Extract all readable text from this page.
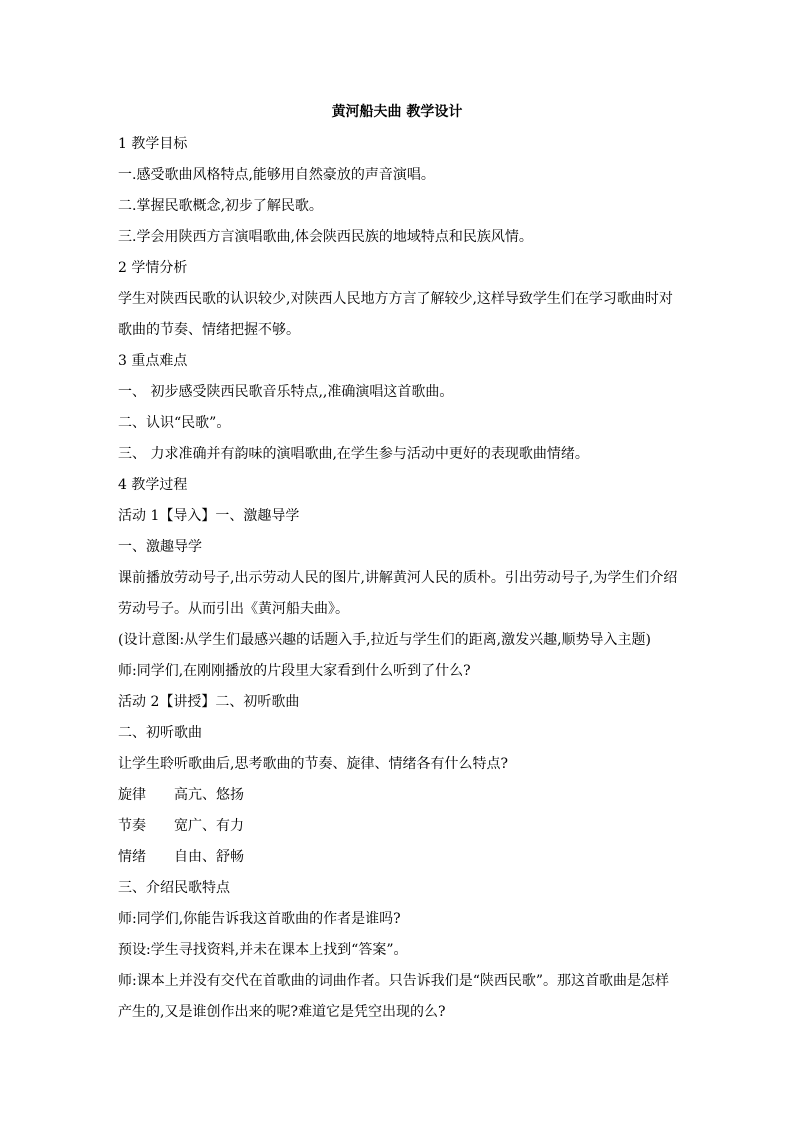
黄河船夫曲 教学设计
1 教学目标
一.感受歌曲风格特点,能够用自然豪放的声音演唱。
二.掌握民歌概念,初步了解民歌。
三.学会用陕西方言演唱歌曲,体会陕西民族的地域特点和民族风情。
2 学情分析
学生对陕西民歌的认识较少,对陕西人民地方方言了解较少,这样导致学生们在学习歌曲时对
歌曲的节奏、情绪把握不够。
3 重点难点
一、 初步感受陕西民歌音乐特点,,准确演唱这首歌曲。
二、认识“民歌”。
三、 力求准确并有韵味的演唱歌曲,在学生参与活动中更好的表现歌曲情绪。
4 教学过程
活动 1【导入】一、激趣导学
一、激趣导学
课前播放劳动号子,出示劳动人民的图片,讲解黄河人民的质朴。引出劳动号子,为学生们介绍
劳动号子。从而引出《黄河船夫曲》。
(设计意图:从学生们最感兴趣的话题入手,拉近与学生们的距离,激发兴趣,顺势导入主题)
师:同学们,在刚刚播放的片段里大家看到什么听到了什么?
活动 2【讲授】二、初听歌曲
二、初听歌曲
让学生聆听歌曲后,思考歌曲的节奏、旋律、情绪各有什么特点?
旋律 高亢、悠扬
节奏 宽广、有力
情绪 自由、舒畅
三、介绍民歌特点
师:同学们,你能告诉我这首歌曲的作者是谁吗?
预设:学生寻找资料,并未在课本上找到“答案”。
师:课本上并没有交代在首歌曲的词曲作者。只告诉我们是“陕西民歌”。那这首歌曲是怎样
产生的,又是谁创作出来的呢?难道它是凭空出现的么?
